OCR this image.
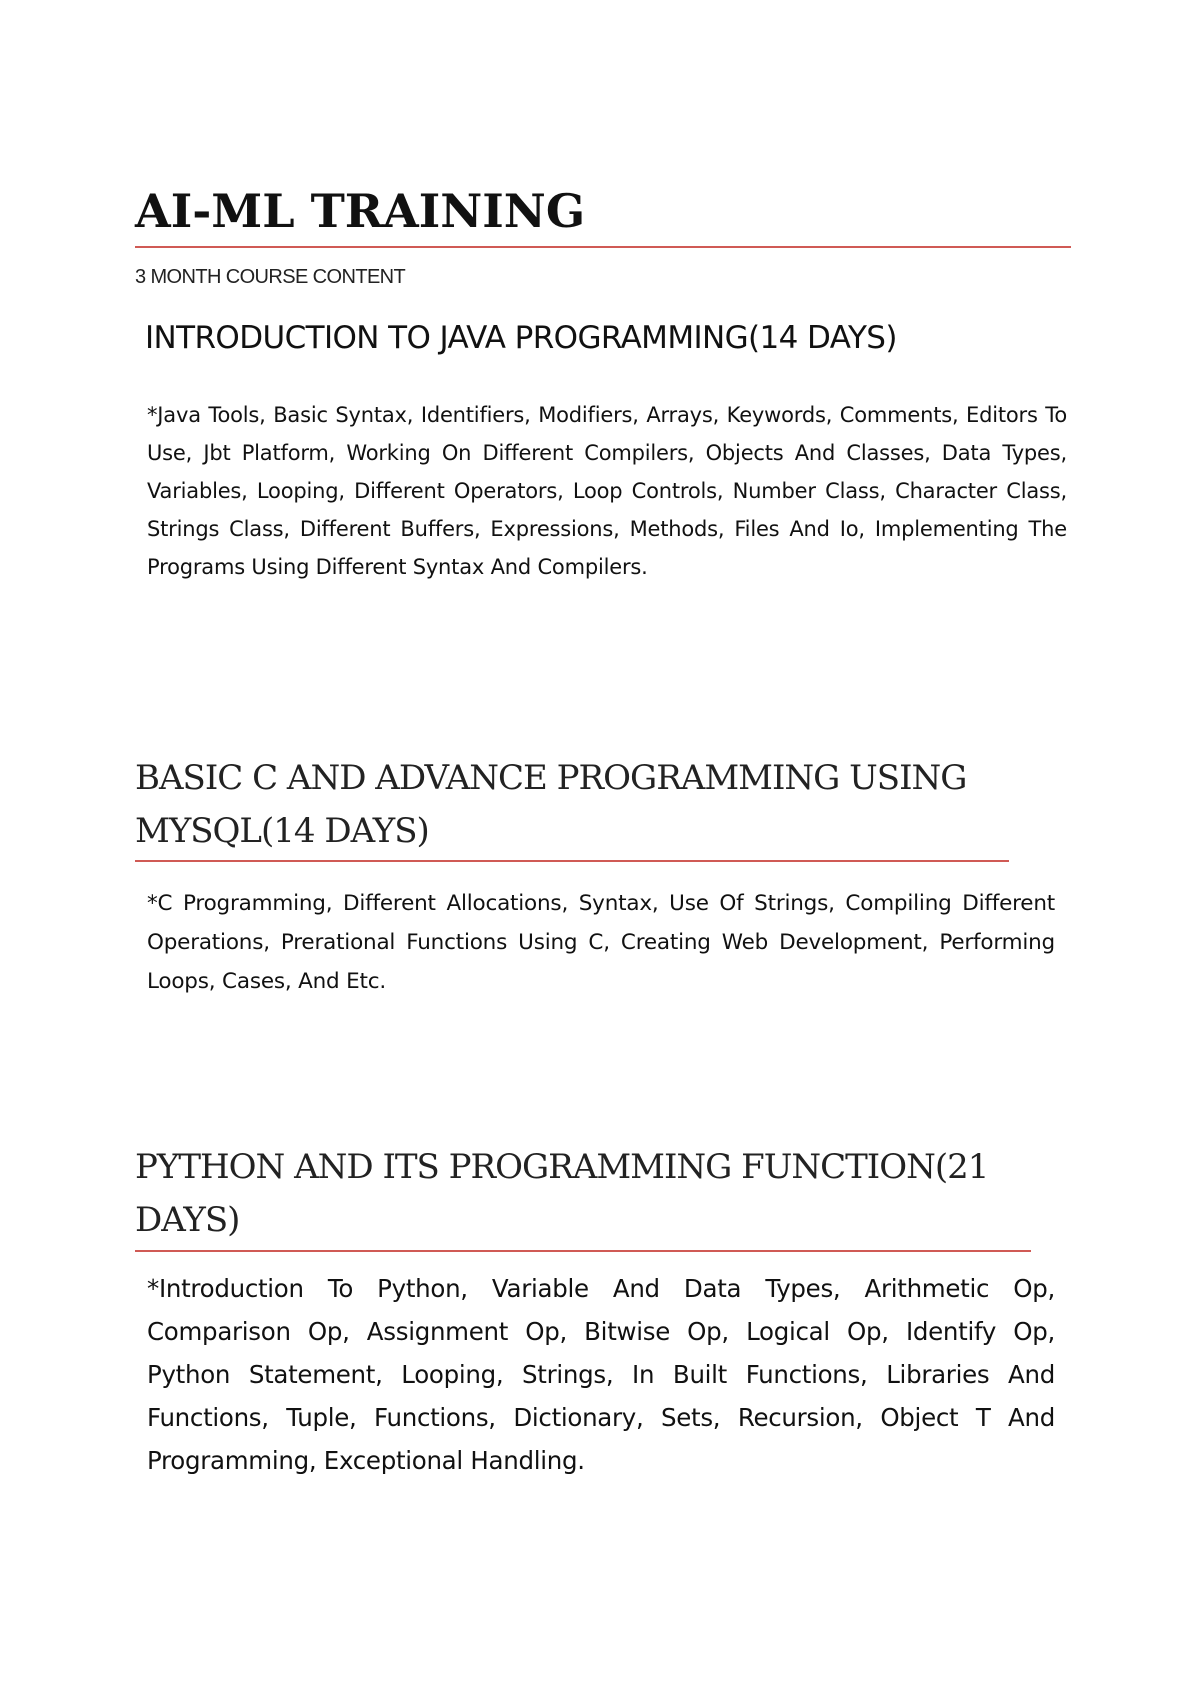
AI-ML TRAINING

3 MONTH COURSE CONTENT

INTRODUCTION TO JAVA PROGRAMMING(14 DAYS)

*Java Tools, Basic Syntax, Identifiers, Modifiers, Arrays, Keywords, Comments, Editors To Use, Jbt Platform, Working On Different Compilers, Objects And Classes, Data Types, Variables, Looping, Different Operators, Loop Controls, Number Class, Character Class, Strings Class, Different Buffers, Expressions, Methods, Files And Io, Implementing The Programs Using Different Syntax And Compilers.

BASIC C AND ADVANCE PROGRAMMING USING MYSQL(14 DAYS)

*C Programming, Different Allocations, Syntax, Use Of Strings, Compiling Different Operations, Prerational Functions Using C, Creating Web Development, Performing Loops, Cases, And Etc.

PYTHON AND ITS PROGRAMMING FUNCTION(21 DAYS)

*Introduction To Python, Variable And Data Types, Arithmetic Op, Comparison Op, Assignment Op, Bitwise Op, Logical Op, Identify Op, Python Statement, Looping, Strings, In Built Functions, Libraries And Functions, Tuple, Functions, Dictionary, Sets, Recursion, Object T And Programming, Exceptional Handling.
